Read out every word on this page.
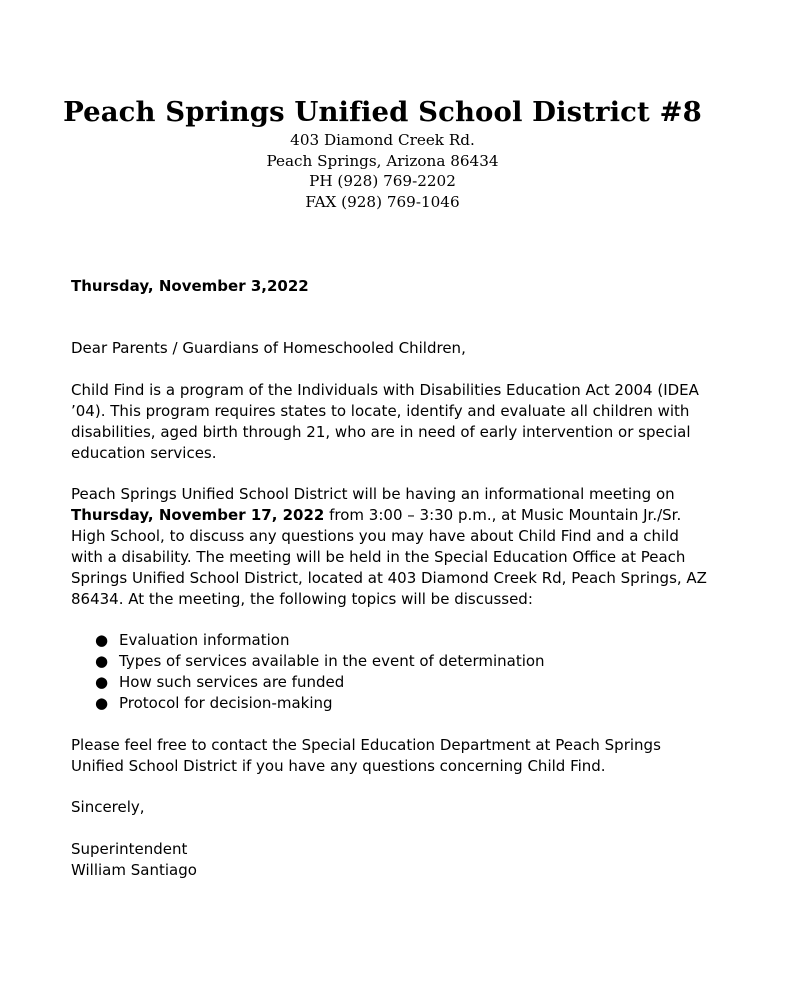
Peach Springs Unified School District #8

403 Diamond Creek Rd.

Peach Springs, Arizona 86434

PH (928) 769-2202

FAX (928) 769-1046

Thursday, November 3,2022

Dear Parents / Guardians of Homeschooled Children,

Child Find is a program of the Individuals with Disabilities Education Act 2004 (IDEA ’04). This program requires states to locate, identify and evaluate all children with disabilities, aged birth through 21, who are in need of early intervention or special education services.

Peach Springs Unified School District will be having an informational meeting on Thursday, November 17, 2022 from 3:00 – 3:30 p.m., at Music Mountain Jr./Sr. High School, to discuss any questions you may have about Child Find and a child with a disability. The meeting will be held in the Special Education Office at Peach Springs Unified School District, located at 403 Diamond Creek Rd, Peach Springs, AZ 86434. At the meeting, the following topics will be discussed:

● Evaluation information
● Types of services available in the event of determination
● How such services are funded
● Protocol for decision-making

Please feel free to contact the Special Education Department at Peach Springs Unified School District if you have any questions concerning Child Find.

Sincerely,

Superintendent

William Santiago
